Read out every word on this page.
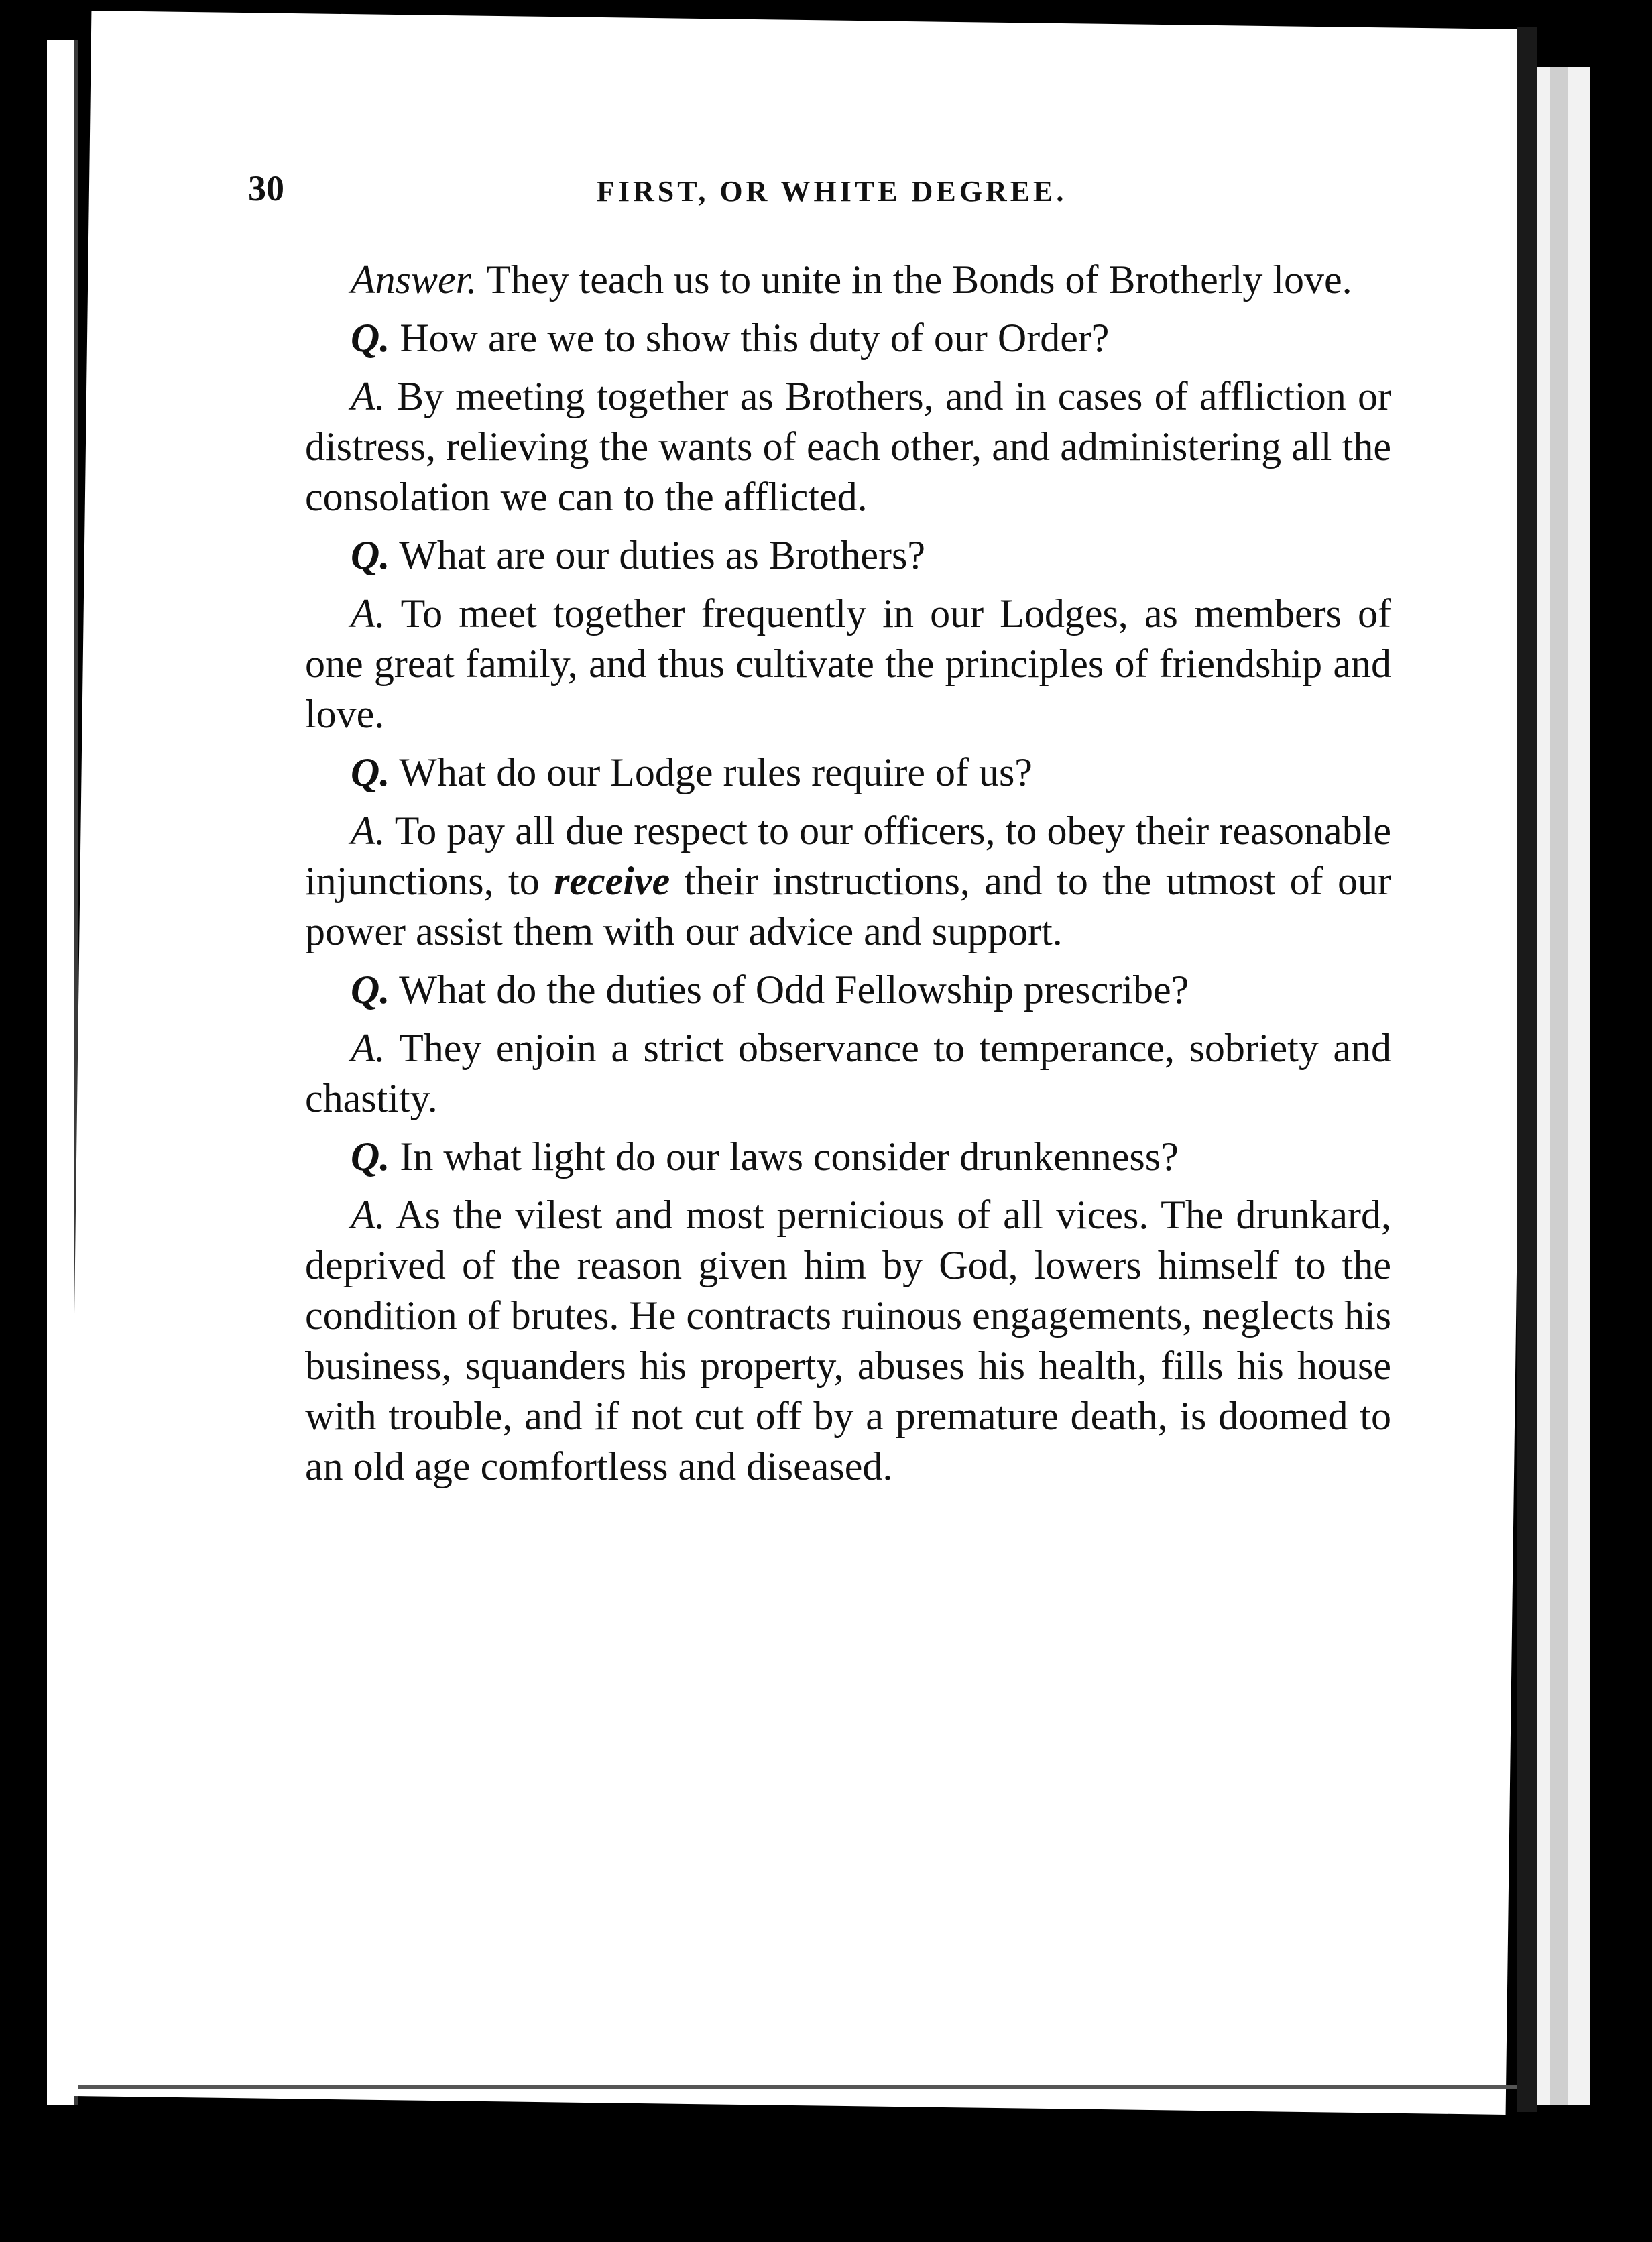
30	FIRST, OR WHITE DEGREE.

Answer. They teach us to unite in the Bonds of Brotherly love.

Q. How are we to show this duty of our Order?

A. By meeting together as Brothers, and in cases of affliction or distress, relieving the wants of each other, and administering all the consolation we can to the afflicted.

Q. What are our duties as Brothers?

A. To meet together frequently in our Lodges, as members of one great family, and thus cultivate the principles of friendship and love.

Q. What do our Lodge rules require of us?

A. To pay all due respect to our officers, to obey their reasonable injunctions, to receive their instructions, and to the utmost of our power assist them with our advice and support.

Q. What do the duties of Odd Fellowship prescribe?

A. They enjoin a strict observance to temperance, sobriety and chastity.

Q. In what light do our laws consider drunkenness?

A. As the vilest and most pernicious of all vices. The drunkard, deprived of the reason given him by God, lowers himself to the condition of brutes. He contracts ruinous engagements, neglects his business, squanders his property, abuses his health, fills his house with trouble, and if not cut off by a premature death, is doomed to an old age comfortless and diseased.
